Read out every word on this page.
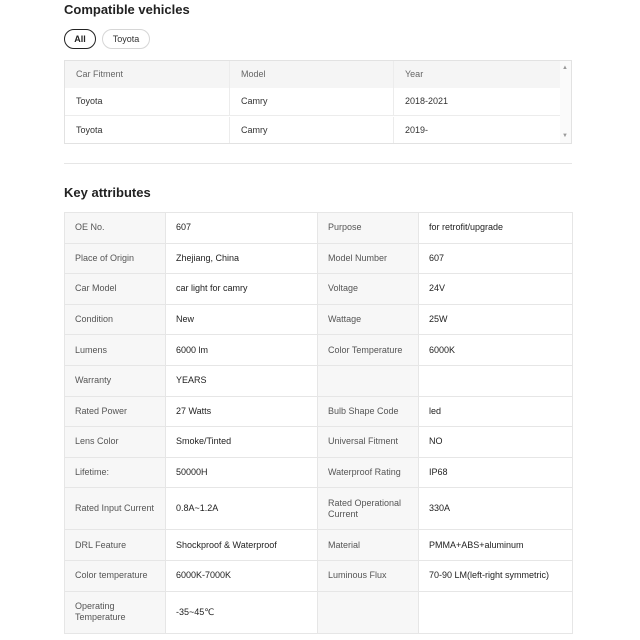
Compatible vehicles
All	Toyota
Car Fitment	Model	Year
Toyota	Camry	2018-2021
Toyota	Camry	2019-
▲
▼
Key attributes
OE No.	607	Purpose	for retrofit/upgrade
Place of Origin	Zhejiang, China	Model Number	607
Car Model	car light for camry	Voltage	24V
Condition	New	Wattage	25W
Lumens	6000 lm	Color Temperature	6000K
Warranty	YEARS		
Rated Power	27 Watts	Bulb Shape Code	led
Lens Color	Smoke/Tinted	Universal Fitment	NO
Lifetime:	50000H	Waterproof Rating	IP68
Rated Input Current	0.8A~1.2A	Rated Operational Current	330A
DRL Feature	Shockproof & Waterproof	Material	PMMA+ABS+aluminum
Color temperature	6000K-7000K	Luminous Flux	70-90 LM(left-right symmetric)
Operating Temperature	-35~45℃		
